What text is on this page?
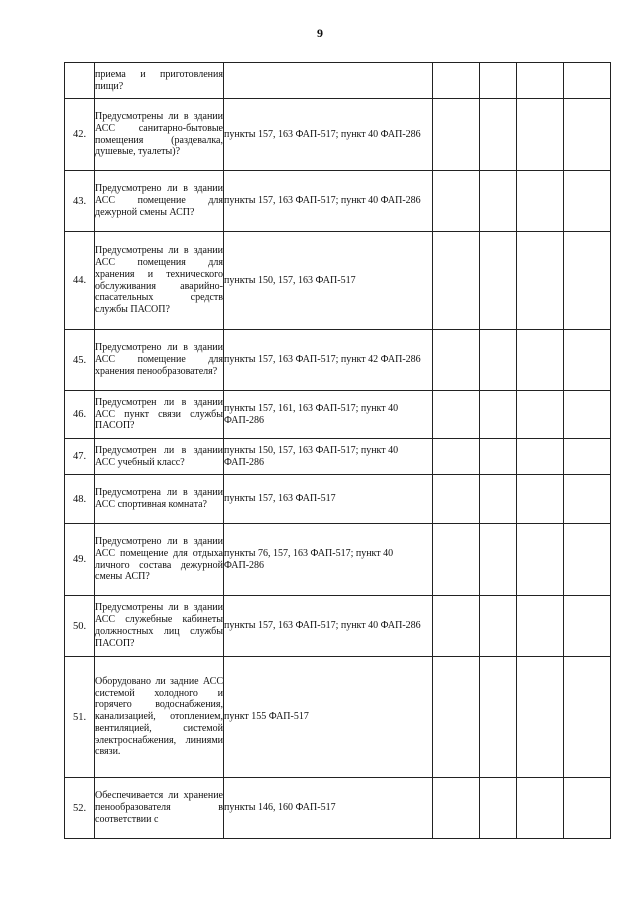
9

	приема и приготовления пищи?					

42.	Предусмотрены ли в здании АСС санитарно-бытовые помещения (раздевалка, душевые, туалеты)?	пункты 157, 163 ФАП-517; пункт 40 ФАП-286				
43.	Предусмотрено ли в здании АСС помещение для дежурной смены АСП?	пункты 157, 163 ФАП-517; пункт 40 ФАП-286				
44.	Предусмотрены ли в здании АСС помещения для хранения и технического обслуживания аварийно-спасательных средств службы ПАСОП?	пункты 150, 157, 163 ФАП-517				
45.	Предусмотрено ли в здании АСС помещение для хранения пенообразователя?	пункты 157, 163 ФАП-517; пункт 42 ФАП-286				
46.	Предусмотрен ли в здании АСС пункт связи службы ПАСОП?	пункты 157, 161, 163 ФАП-517; пункт 40 ФАП-286				
47.	Предусмотрен ли в здании АСС учебный класс?	пункты 150, 157, 163 ФАП-517; пункт 40 ФАП-286				
48.	Предусмотрена ли в здании АСС спортивная комната?	пункты 157, 163 ФАП-517				
49.	Предусмотрено ли в здании АСС помещение для отдыха личного состава дежурной смены АСП?	пункты 76, 157, 163 ФАП-517; пункт 40 ФАП-286				
50.	Предусмотрены ли в здании АСС служебные кабинеты должностных лиц службы ПАСОП?	пункты 157, 163 ФАП-517; пункт 40 ФАП-286				
51.	Оборудовано ли задние АСС системой холодного и горячего водоснабжения, канализацией, отоплением, вентиляцией, системой электроснабжения, линиями связи.	пункт 155 ФАП-517				
52.	Обеспечивается ли хранение пенообразователя в соответствии с	пункты 146, 160 ФАП-517				
